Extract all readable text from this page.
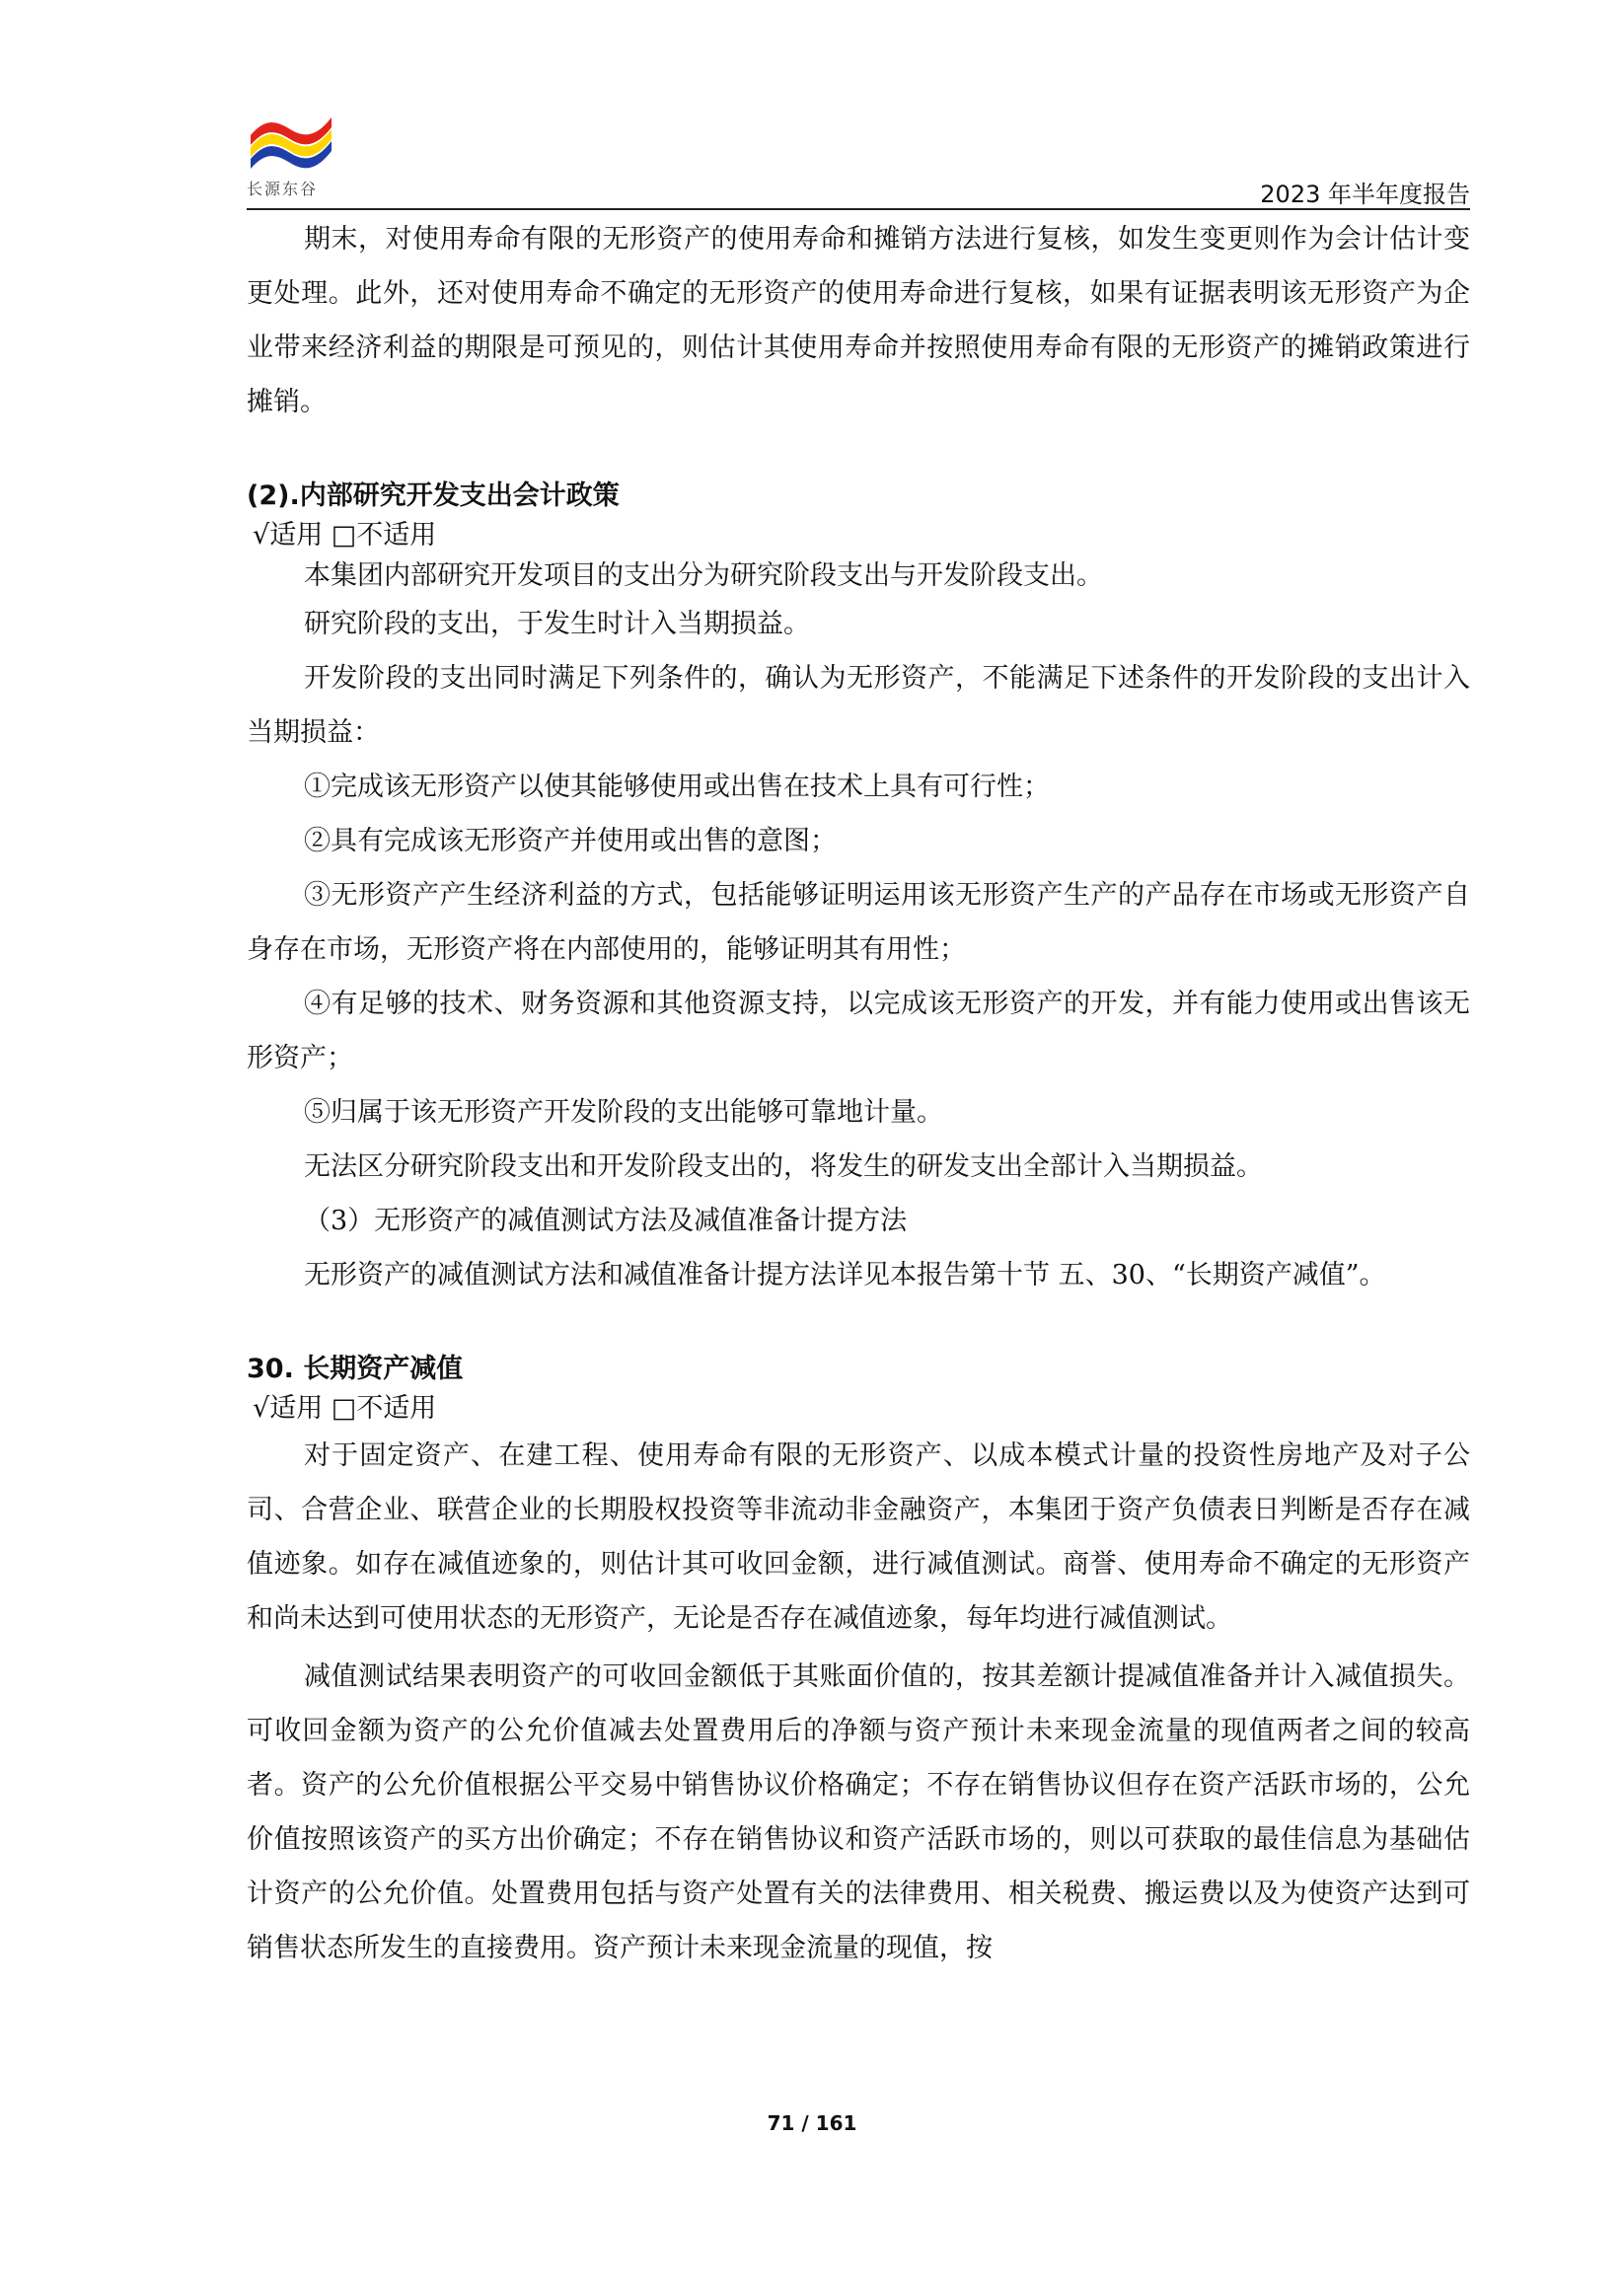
长源东谷	2023 年半年度报告

期末，对使用寿命有限的无形资产的使用寿命和摊销方法进行复核，如发生变更则作为会计估计变更处理。此外，还对使用寿命不确定的无形资产的使用寿命进行复核，如果有证据表明该无形资产为企业带来经济利益的期限是可预见的，则估计其使用寿命并按照使用寿命有限的无形资产的摊销政策进行摊销。

(2).内部研究开发支出会计政策
√适用 □不适用

本集团内部研究开发项目的支出分为研究阶段支出与开发阶段支出。

研究阶段的支出，于发生时计入当期损益。

开发阶段的支出同时满足下列条件的，确认为无形资产，不能满足下述条件的开发阶段的支出计入当期损益：

①完成该无形资产以使其能够使用或出售在技术上具有可行性；

②具有完成该无形资产并使用或出售的意图；

③无形资产产生经济利益的方式，包括能够证明运用该无形资产生产的产品存在市场或无形资产自身存在市场，无形资产将在内部使用的，能够证明其有用性；

④有足够的技术、财务资源和其他资源支持，以完成该无形资产的开发，并有能力使用或出售该无形资产；

⑤归属于该无形资产开发阶段的支出能够可靠地计量。

无法区分研究阶段支出和开发阶段支出的，将发生的研发支出全部计入当期损益。

（3）无形资产的减值测试方法及减值准备计提方法

无形资产的减值测试方法和减值准备计提方法详见本报告第十节 五、30、“长期资产减值”。

30. 长期资产减值
√适用 □不适用

对于固定资产、在建工程、使用寿命有限的无形资产、以成本模式计量的投资性房地产及对子公司、合营企业、联营企业的长期股权投资等非流动非金融资产，本集团于资产负债表日判断是否存在减值迹象。如存在减值迹象的，则估计其可收回金额，进行减值测试。商誉、使用寿命不确定的无形资产和尚未达到可使用状态的无形资产，无论是否存在减值迹象，每年均进行减值测试。

减值测试结果表明资产的可收回金额低于其账面价值的，按其差额计提减值准备并计入减值损失。可收回金额为资产的公允价值减去处置费用后的净额与资产预计未来现金流量的现值两者之间的较高者。资产的公允价值根据公平交易中销售协议价格确定；不存在销售协议但存在资产活跃市场的，公允价值按照该资产的买方出价确定；不存在销售协议和资产活跃市场的，则以可获取的最佳信息为基础估计资产的公允价值。处置费用包括与资产处置有关的法律费用、相关税费、搬运费以及为使资产达到可销售状态所发生的直接费用。资产预计未来现金流量的现值，按

71 / 161
